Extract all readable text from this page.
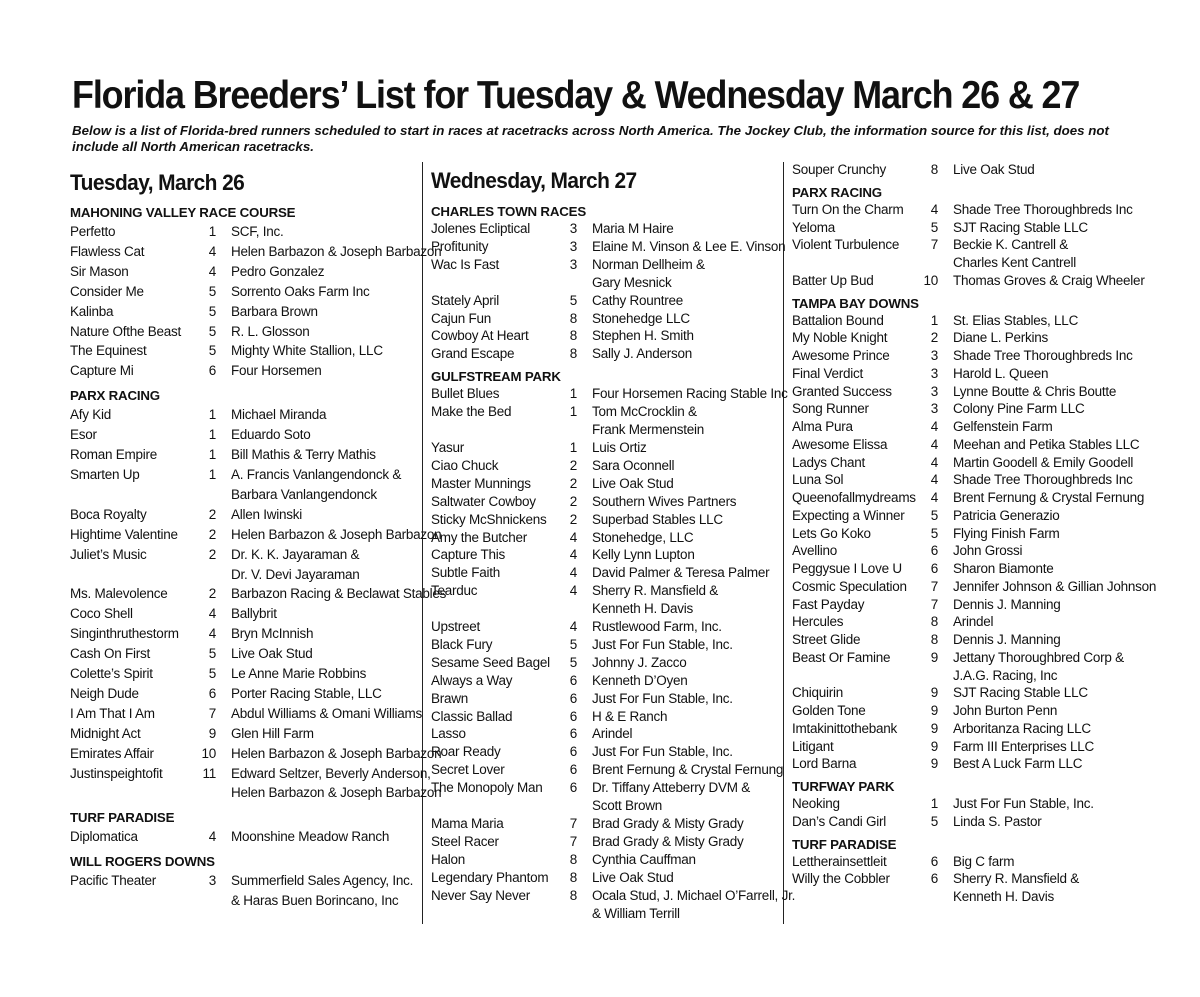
Florida Breeders’ List for Tuesday & Wednesday March 26 & 27
Below is a list of Florida-bred runners scheduled to start in races at racetracks across North America. The Jockey Club, the information source for this list, does not include all North American racetracks.
Tuesday, March 26
MAHONING VALLEY RACE COURSE
Perfetto	1 SCF, Inc.
Flawless Cat	4 Helen Barbazon & Joseph Barbazon
Sir Mason	4 Pedro Gonzalez
Consider Me	5 Sorrento Oaks Farm Inc
Kalinba	5 Barbara Brown
Nature Ofthe Beast	5 R. L. Glosson
The Equinest	5 Mighty White Stallion, LLC
Capture Mi	6 Four Horsemen
PARX RACING
Afy Kid	1 Michael Miranda
Esor	1 Eduardo Soto
Roman Empire	1 Bill Mathis & Terry Mathis
Smarten Up	1 A. Francis Vanlangendonck &
Barbara Vanlangendonck
Boca Royalty	2 Allen Iwinski
Hightime Valentine	2 Helen Barbazon & Joseph Barbazon
Juliet’s Music	2 Dr. K. K. Jayaraman &
Dr. V. Devi Jayaraman
Ms. Malevolence	2 Barbazon Racing & Beclawat Stables
Coco Shell	4 Ballybrit
Singinthruthestorm	4 Bryn McInnish
Cash On First	5 Live Oak Stud
Colette’s Spirit	5 Le Anne Marie Robbins
Neigh Dude	6 Porter Racing Stable, LLC
I Am That I Am	7 Abdul Williams & Omani Williams
Midnight Act	9 Glen Hill Farm
Emirates Affair	10 Helen Barbazon & Joseph Barbazon
Justinspeightofit	11 Edward Seltzer, Beverly Anderson,
Helen Barbazon & Joseph Barbazon
TURF PARADISE
Diplomatica	4 Moonshine Meadow Ranch
WILL ROGERS DOWNS
Pacific Theater	3 Summerfield Sales Agency, Inc.
& Haras Buen Borincano, Inc
Wednesday, March 27
CHARLES TOWN RACES
Jolenes Ecliptical	3 Maria M Haire
Profitunity	3 Elaine M. Vinson & Lee E. Vinson
Wac Is Fast	3 Norman Dellheim &
Gary Mesnick
Stately April	5 Cathy Rountree
Cajun Fun	8 Stonehedge LLC
Cowboy At Heart	8 Stephen H. Smith
Grand Escape	8 Sally J. Anderson
GULFSTREAM PARK
Bullet Blues	1 Four Horsemen Racing Stable Inc
Make the Bed	1 Tom McCrocklin &
Frank Mermenstein
Yasur	1 Luis Ortiz
Ciao Chuck	2 Sara Oconnell
Master Munnings	2 Live Oak Stud
Saltwater Cowboy	2 Southern Wives Partners
Sticky McShnickens	2 Superbad Stables LLC
Amy the Butcher	4 Stonehedge, LLC
Capture This	4 Kelly Lynn Lupton
Subtle Faith	4 David Palmer & Teresa Palmer
Tearduc	4 Sherry R. Mansfield &
Kenneth H. Davis
Upstreet	4 Rustlewood Farm, Inc.
Black Fury	5 Just For Fun Stable, Inc.
Sesame Seed Bagel	5 Johnny J. Zacco
Always a Way	6 Kenneth D’Oyen
Brawn	6 Just For Fun Stable, Inc.
Classic Ballad	6 H & E Ranch
Lasso	6 Arindel
Roar Ready	6 Just For Fun Stable, Inc.
Secret Lover	6 Brent Fernung & Crystal Fernung
The Monopoly Man	6 Dr. Tiffany Atteberry DVM &
Scott Brown
Mama Maria	7 Brad Grady & Misty Grady
Steel Racer	7 Brad Grady & Misty Grady
Halon	8 Cynthia Cauffman
Legendary Phantom	8 Live Oak Stud
Never Say Never	8 Ocala Stud, J. Michael O’Farrell, Jr.
& William Terrill
Souper Crunchy	8 Live Oak Stud
PARX RACING
Turn On the Charm	4 Shade Tree Thoroughbreds Inc
Yeloma	5 SJT Racing Stable LLC
Violent Turbulence	7 Beckie K. Cantrell &
Charles Kent Cantrell
Batter Up Bud	10 Thomas Groves & Craig Wheeler
TAMPA BAY DOWNS
Battalion Bound	1 St. Elias Stables, LLC
My Noble Knight	2 Diane L. Perkins
Awesome Prince	3 Shade Tree Thoroughbreds Inc
Final Verdict	3 Harold L. Queen
Granted Success	3 Lynne Boutte & Chris Boutte
Song Runner	3 Colony Pine Farm LLC
Alma Pura	4 Gelfenstein Farm
Awesome Elissa	4 Meehan and Petika Stables LLC
Ladys Chant	4 Martin Goodell & Emily Goodell
Luna Sol	4 Shade Tree Thoroughbreds Inc
Queenofallmydreams	4 Brent Fernung & Crystal Fernung
Expecting a Winner	5 Patricia Generazio
Lets Go Koko	5 Flying Finish Farm
Avellino	6 John Grossi
Peggysue I Love U	6 Sharon Biamonte
Cosmic Speculation	7 Jennifer Johnson & Gillian Johnson
Fast Payday	7 Dennis J. Manning
Hercules	8 Arindel
Street Glide	8 Dennis J. Manning
Beast Or Famine	9 Jettany Thoroughbred Corp &
J.A.G. Racing, Inc
Chiquirin	9 SJT Racing Stable LLC
Golden Tone	9 John Burton Penn
Imtakinittothebank	9 Arboritanza Racing LLC
Litigant	9 Farm III Enterprises LLC
Lord Barna	9 Best A Luck Farm LLC
TURFWAY PARK
Neoking	1 Just For Fun Stable, Inc.
Dan’s Candi Girl	5 Linda S. Pastor
TURF PARADISE
Lettherainsettleit	6 Big C farm
Willy the Cobbler	6 Sherry R. Mansfield &
Kenneth H. Davis
